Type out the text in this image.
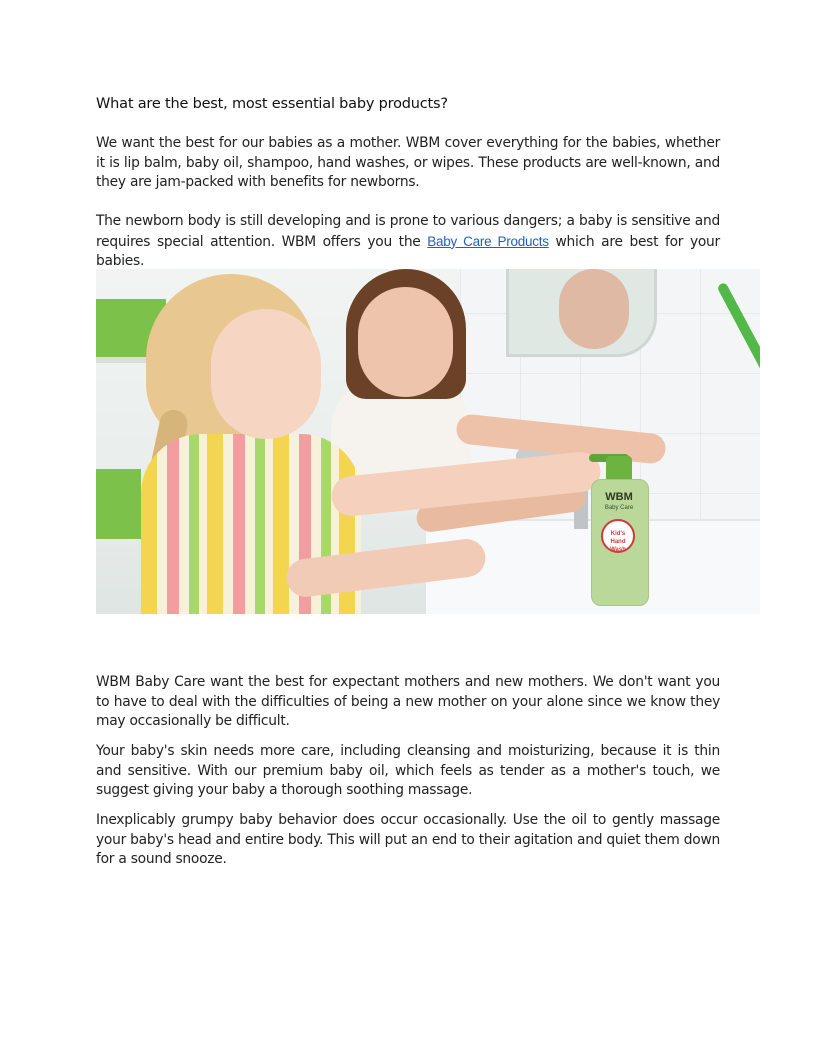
What are the best, most essential baby products?
We want the best for our babies as a mother. WBM cover everything for the babies, whether it is lip balm, baby oil, shampoo, hand washes, or wipes. These products are well-known, and they are jam-packed with benefits for newborns.
The newborn body is still developing and is prone to various dangers; a baby is sensitive and requires special attention. WBM offers you the Baby Care Products which are best for your babies.
WBM Baby Care want the best for expectant mothers and new mothers. We don't want you to have to deal with the difficulties of being a new mother on your alone since we know they may occasionally be difficult.
Your baby's skin needs more care, including cleansing and moisturizing, because it is thin and sensitive. With our premium baby oil, which feels as tender as a mother's touch, we suggest giving your baby a thorough soothing massage.
Inexplicably grumpy baby behavior does occur occasionally. Use the oil to gently massage your baby's head and entire body. This will put an end to their agitation and quiet them down for a sound snooze.
WBM
Baby Care
Kid's Hand Wash
